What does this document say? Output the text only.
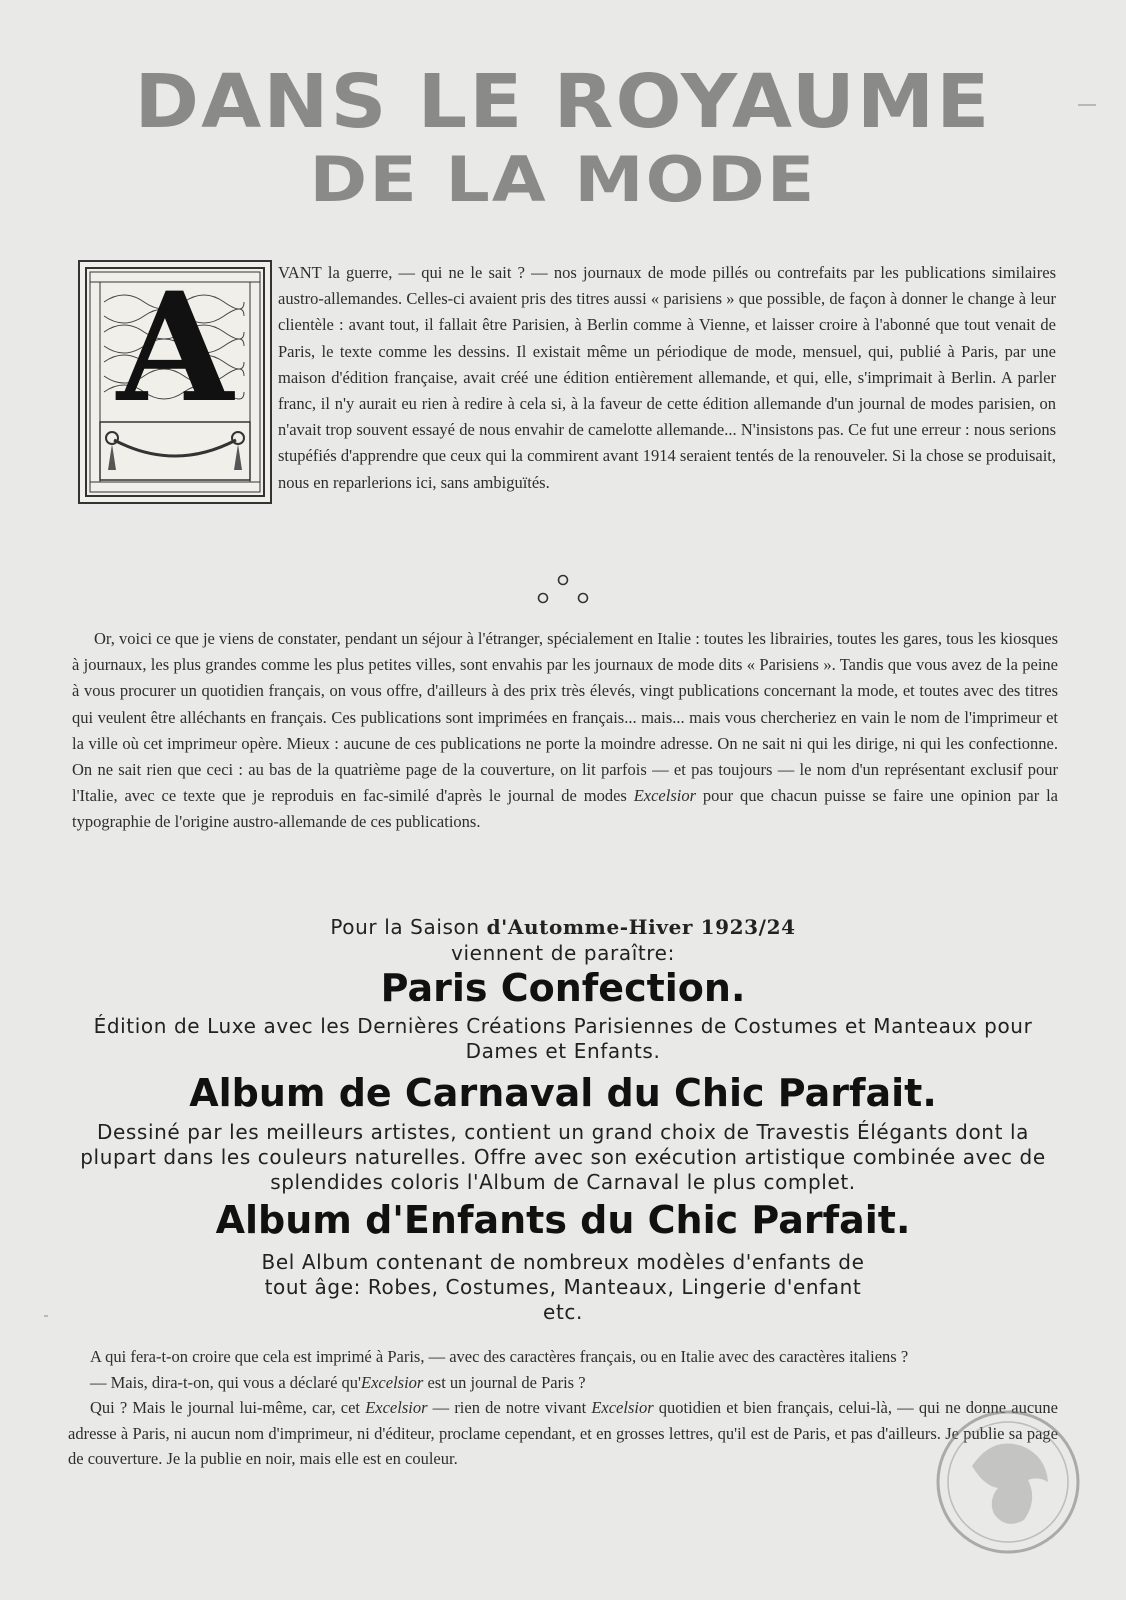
DANS LE ROYAUME
DE LA MODE
A	VANT la guerre, — qui ne le sait ? — nos journaux de mode pillés ou contrefaits par les publications similaires austro-allemandes. Celles-ci avaient pris des titres aussi « parisiens » que possible, de façon à donner le change à leur clientèle : avant tout, il fallait être Parisien, à Berlin comme à Vienne, et laisser croire à l'abonné que tout venait de Paris, le texte comme les dessins. Il existait même un périodique de mode, mensuel, qui, publié à Paris, par une maison d'édition française, avait créé une édition entièrement allemande, et qui, elle, s'imprimait à Berlin. A parler franc, il n'y aurait eu rien à redire à cela si, à la faveur de cette édition allemande d'un journal de modes parisien, on n'avait trop souvent essayé de nous envahir de camelotte allemande... N'insistons pas. Ce fut une erreur : nous serions stupéfiés d'apprendre que ceux qui la commirent avant 1914 seraient tentés de la renouveler. Si la chose se produisait, nous en reparlerions ici, sans ambiguïtés.

Or, voici ce que je viens de constater, pendant un séjour à l'étranger, spécialement en Italie : toutes les librairies, toutes les gares, tous les kiosques à journaux, les plus grandes comme les plus petites villes, sont envahis par les journaux de mode dits « Parisiens ». Tandis que vous avez de la peine à vous procurer un quotidien français, on vous offre, d'ailleurs à des prix très élevés, vingt publications concernant la mode, et toutes avec des titres qui veulent être alléchants en français. Ces publications sont imprimées en français... mais... mais vous chercheriez en vain le nom de l'imprimeur et la ville où cet imprimeur opère. Mieux : aucune de ces publications ne porte la moindre adresse. On ne sait ni qui les dirige, ni qui les confectionne. On ne sait rien que ceci : au bas de la quatrième page de la couverture, on lit parfois — et pas toujours — le nom d'un représentant exclusif pour l'Italie, avec ce texte que je reproduis en fac-similé d'après le journal de modes Excelsior pour que chacun puisse se faire une opinion par la typographie de l'origine austro-allemande de ces publications.

Pour la Saison d'Automme-Hiver 1923/24
viennent de paraître:
Paris Confection.
Édition de Luxe avec les Dernières Créations Parisiennes de Costumes et Manteaux pour Dames et Enfants.
Album de Carnaval du Chic Parfait.
Dessiné par les meilleurs artistes, contient un grand choix de Travestis Élégants dont la plupart dans les couleurs naturelles. Offre avec son exécution artistique combinée avec de splendides coloris l'Album de Carnaval le plus complet.
Album d'Enfants du Chic Parfait.
Bel Album contenant de nombreux modèles d'enfants de tout âge: Robes, Costumes, Manteaux, Lingerie d'enfant etc.

A qui fera-t-on croire que cela est imprimé à Paris, — avec des caractères français, ou en Italie avec des caractères italiens ?

— Mais, dira-t-on, qui vous a déclaré qu'Excelsior est un journal de Paris ?

Qui ? Mais le journal lui-même, car, cet Excelsior — rien de notre vivant Excelsior quotidien et bien français, celui-là, — qui ne donne aucune adresse à Paris, ni aucun nom d'imprimeur, ni d'éditeur, proclame cependant, et en grosses lettres, qu'il est de Paris, et pas d'ailleurs. Je publie sa page de couverture. Je la publie en noir, mais elle est en couleur.
